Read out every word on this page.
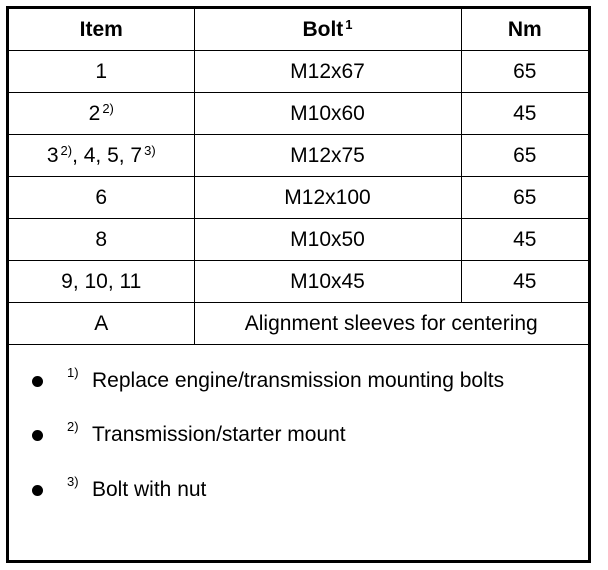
Item	Bolt $^1$	Nm
1	M12x67	65
2 $^{2)}$	M10x60	45
3 $^{2)}$, 4, 5, 7 $^{3)}$	M12x75	65
6	M12x100	65
8	M10x50	45
9, 10, 11	M10x45	45
A	Alignment sleeves for centering	
1) Replace engine/transmission mounting bolts
2) Transmission/starter mount
3) Bolt with nut
